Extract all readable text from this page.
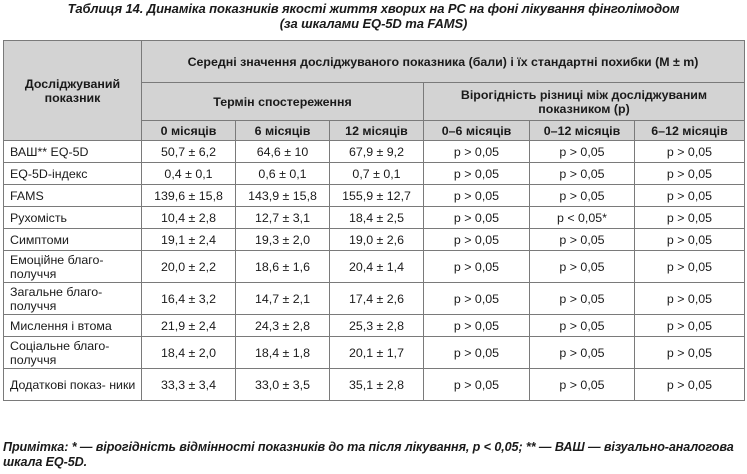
Таблиця 14. Динаміка показників якості життя хворих на РС на фоні лікування фінголімодом
(за шкалами EQ-5D та FAMS)
Досліджуваний показник	Середні значення досліджуваного показника (бали) і їх стандартні похибки (M ± m)					
	Термін спостереження			Вірогідність різниці між досліджуваним показником (p)		
	0 місяців	6 місяців	12 місяців	0–6 місяців	0–12 місяців	6–12 місяців
ВАШ** EQ-5D	50,7 ± 6,2	64,6 ± 10	67,9 ± 9,2	p > 0,05	p > 0,05	p > 0,05
EQ-5D-індекс	0,4 ± 0,1	0,6 ± 0,1	0,7 ± 0,1	p > 0,05	p > 0,05	p > 0,05
FAMS	139,6 ± 15,8	143,9 ± 15,8	155,9 ± 12,7	p > 0,05	p > 0,05	p > 0,05
Рухомість	10,4 ± 2,8	12,7 ± 3,1	18,4 ± 2,5	p > 0,05	p < 0,05*	p > 0,05
Симптоми	19,1 ± 2,4	19,3 ± 2,0	19,0 ± 2,6	p > 0,05	p > 0,05	p > 0,05
Емоційне благо- получчя	20,0 ± 2,2	18,6 ± 1,6	20,4 ± 1,4	p > 0,05	p > 0,05	p > 0,05
Загальне благо- получчя	16,4 ± 3,2	14,7 ± 2,1	17,4 ± 2,6	p > 0,05	p > 0,05	p > 0,05
Мислення і втома	21,9 ± 2,4	24,3 ± 2,8	25,3 ± 2,8	p > 0,05	p > 0,05	p > 0,05
Соціальне благо- получчя	18,4 ± 2,0	18,4 ± 1,8	20,1 ± 1,7	p > 0,05	p > 0,05	p > 0,05
Додаткові показ- ники	33,3 ± 3,4	33,0 ± 3,5	35,1 ± 2,8	p > 0,05	p > 0,05	p > 0,05
Примітка: * — вірогідність відмінності показників до та після лікування, p < 0,05; ** — ВАШ — візуально-аналогова шкала EQ-5D.
